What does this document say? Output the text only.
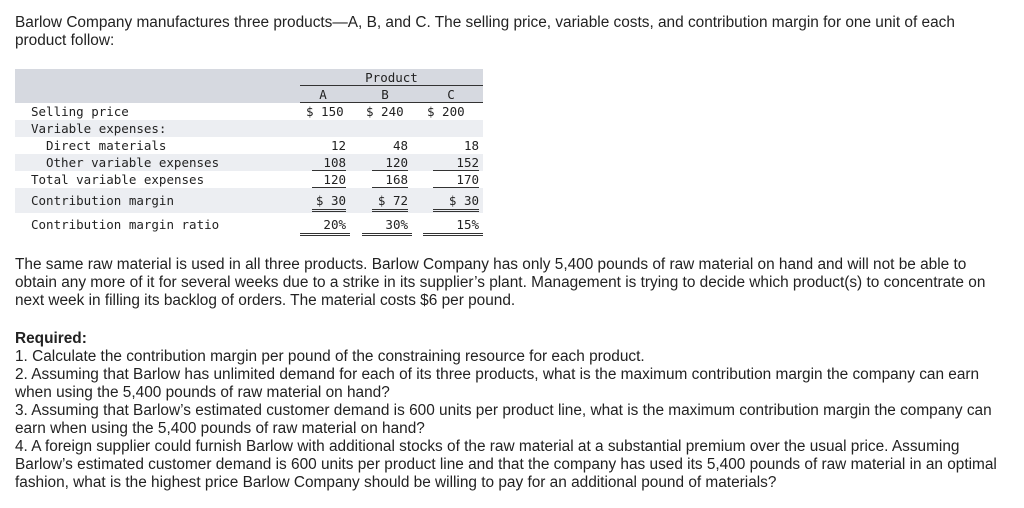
Barlow Company manufactures three products—A, B, and C. The selling price, variable costs, and contribution margin for one unit of each product follow:

Product
A	B	C
Selling price	$ 150	$ 240	$ 200
Variable expenses:
Direct materials	12	48	18
Other variable expenses	108	120	152
Total variable expenses	120	168	170
Contribution margin	$ 30	$ 72	$ 30
Contribution margin ratio	20%	30%	15%

The same raw material is used in all three products. Barlow Company has only 5,400 pounds of raw material on hand and will not be able to obtain any more of it for several weeks due to a strike in its supplier’s plant. Management is trying to decide which product(s) to concentrate on next week in filling its backlog of orders. The material costs $6 per pound.

Required:
1. Calculate the contribution margin per pound of the constraining resource for each product.
2. Assuming that Barlow has unlimited demand for each of its three products, what is the maximum contribution margin the company can earn when using the 5,400 pounds of raw material on hand?
3. Assuming that Barlow’s estimated customer demand is 600 units per product line, what is the maximum contribution margin the company can earn when using the 5,400 pounds of raw material on hand?
4. A foreign supplier could furnish Barlow with additional stocks of the raw material at a substantial premium over the usual price. Assuming Barlow’s estimated customer demand is 600 units per product line and that the company has used its 5,400 pounds of raw material in an optimal fashion, what is the highest price Barlow Company should be willing to pay for an additional pound of materials?
